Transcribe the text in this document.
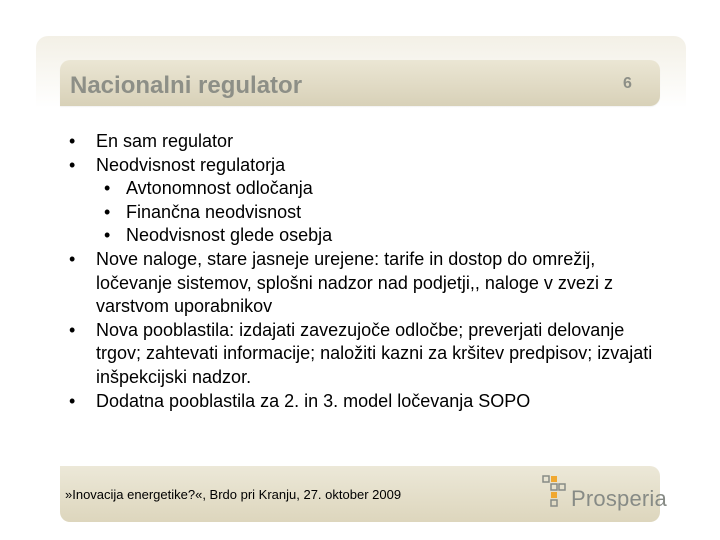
Nacionalni regulator	6
• En sam regulator
• Neodvisnost regulatorja
• Avtonomnost odločanja
• Finančna neodvisnost
• Neodvisnost glede osebja
• Nove naloge, stare jasneje urejene: tarife in dostop do omrežij, ločevanje sistemov, splošni nadzor nad podjetji,, naloge v zvezi z varstvom uporabnikov
• Nova pooblastila: izdajati zavezujoče odločbe; preverjati delovanje trgov; zahtevati informacije; naložiti kazni za kršitev predpisov; izvajati inšpekcijski nadzor.
• Dodatna pooblastila za 2. in 3. model ločevanja SOPO
»Inovacija energetike?«, Brdo pri Kranju, 27. oktober 2009	Prosperia
